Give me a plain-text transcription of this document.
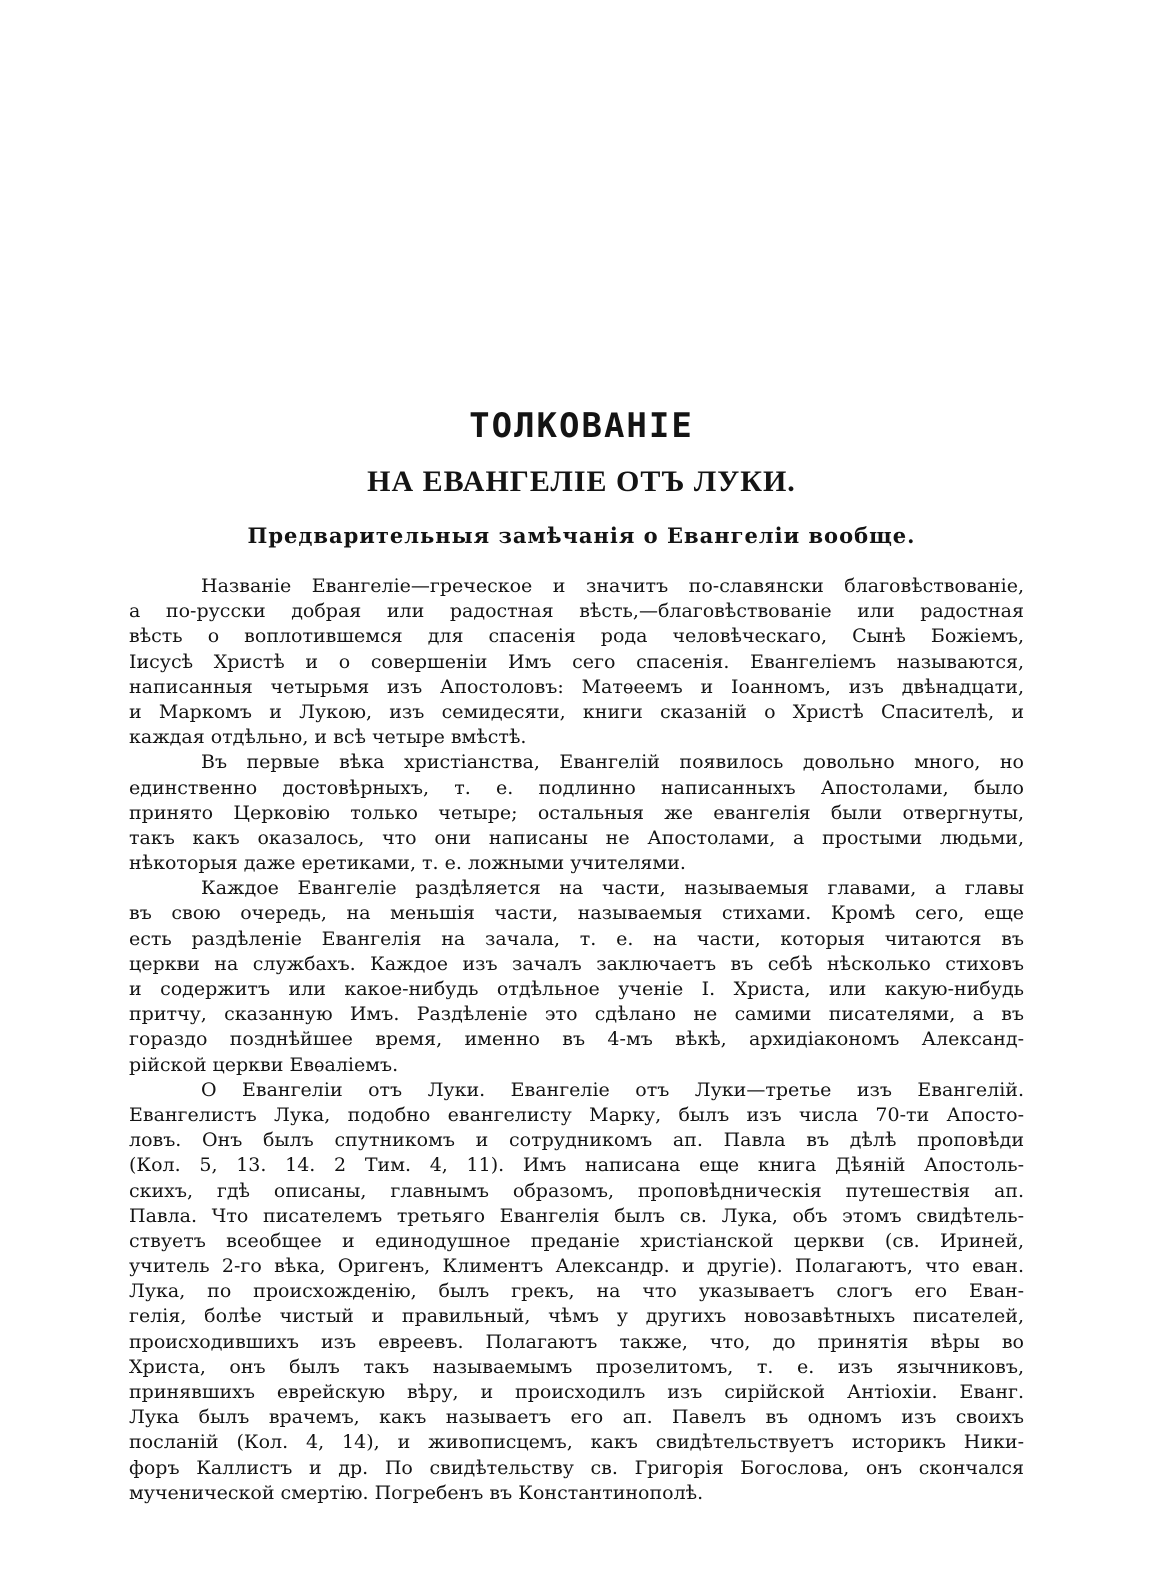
ТОЛКОВАНІЕ
НА ЕВАНГЕЛІЕ ОТЪ ЛУКИ.
Предварительныя замѣчанія о Евангеліи вообще.
Названіе Евангеліе—греческое и значитъ по-славянски благовѣствованіе,
а по-русски добрая или радостная вѣсть,—благовѣствованіе или радостная
вѣсть о воплотившемся для спасенія рода человѣческаго, Сынѣ Божіемъ,
Іисусѣ Христѣ и о совершеніи Имъ сего спасенія. Евангеліемъ называются,
написанныя четырьмя изъ Апостоловъ: Матѳеемъ и Іоанномъ, изъ двѣнадцати,
и Маркомъ и Лукою, изъ семидесяти, книги сказаній о Христѣ Спасителѣ, и
каждая отдѣльно, и всѣ четыре вмѣстѣ.
Въ первые вѣка христіанства, Евангелій появилось довольно много, но
единственно достовѣрныхъ, т. е. подлинно написанныхъ Апостолами, было
принято Церковію только четыре; остальныя же евангелія были отвергнуты,
такъ какъ оказалось, что они написаны не Апостолами, а простыми людьми,
нѣкоторыя даже еретиками, т. е. ложными учителями.
Каждое Евангеліе раздѣляется на части, называемыя главами, а главы
въ свою очередь, на меньшія части, называемыя стихами. Кромѣ сего, еще
есть раздѣленіе Евангелія на зачала, т. е. на части, которыя читаются въ
церкви на службахъ. Каждое изъ зачалъ заключаетъ въ себѣ нѣсколько стиховъ
и содержитъ или какое-нибудь отдѣльное ученіе І. Христа, или какую-нибудь
притчу, сказанную Имъ. Раздѣленіе это сдѣлано не самими писателями, а въ
гораздо позднѣйшее время, именно въ 4-мъ вѣкѣ, архидіакономъ Александ-
рійской церкви Евѳаліемъ.
О Евангеліи отъ Луки. Евангеліе отъ Луки—третье изъ Евангелій.
Евангелистъ Лука, подобно евангелисту Марку, былъ изъ числа 70-ти Апосто-
ловъ. Онъ былъ спутникомъ и сотрудникомъ ап. Павла въ дѣлѣ проповѣди
(Кол. 5, 13. 14. 2 Тим. 4, 11). Имъ написана еще книга Дѣяній Апостоль-
скихъ, гдѣ описаны, главнымъ образомъ, проповѣдническія путешествія ап.
Павла. Что писателемъ третьяго Евангелія былъ св. Лука, объ этомъ свидѣтель-
ствуетъ всеобщее и единодушное преданіе христіанской церкви (св. Ириней,
учитель 2-го вѣка, Оригенъ, Климентъ Александр. и другіе). Полагаютъ, что еван.
Лука, по происхожденію, былъ грекъ, на что указываетъ слогъ его Еван-
гелія, болѣе чистый и правильный, чѣмъ у другихъ новозавѣтныхъ писателей,
происходившихъ изъ евреевъ. Полагаютъ также, что, до принятія вѣры во
Христа, онъ былъ такъ называемымъ прозелитомъ, т. е. изъ язычниковъ,
принявшихъ еврейскую вѣру, и происходилъ изъ сирійской Антіохіи. Еванг.
Лука былъ врачемъ, какъ называетъ его ап. Павелъ въ одномъ изъ своихъ
посланій (Кол. 4, 14), и живописцемъ, какъ свидѣтельствуетъ историкъ Ники-
форъ Каллистъ и др. По свидѣтельству св. Григорія Богослова, онъ скончался
мученической смертію. Погребенъ въ Константинополѣ.
